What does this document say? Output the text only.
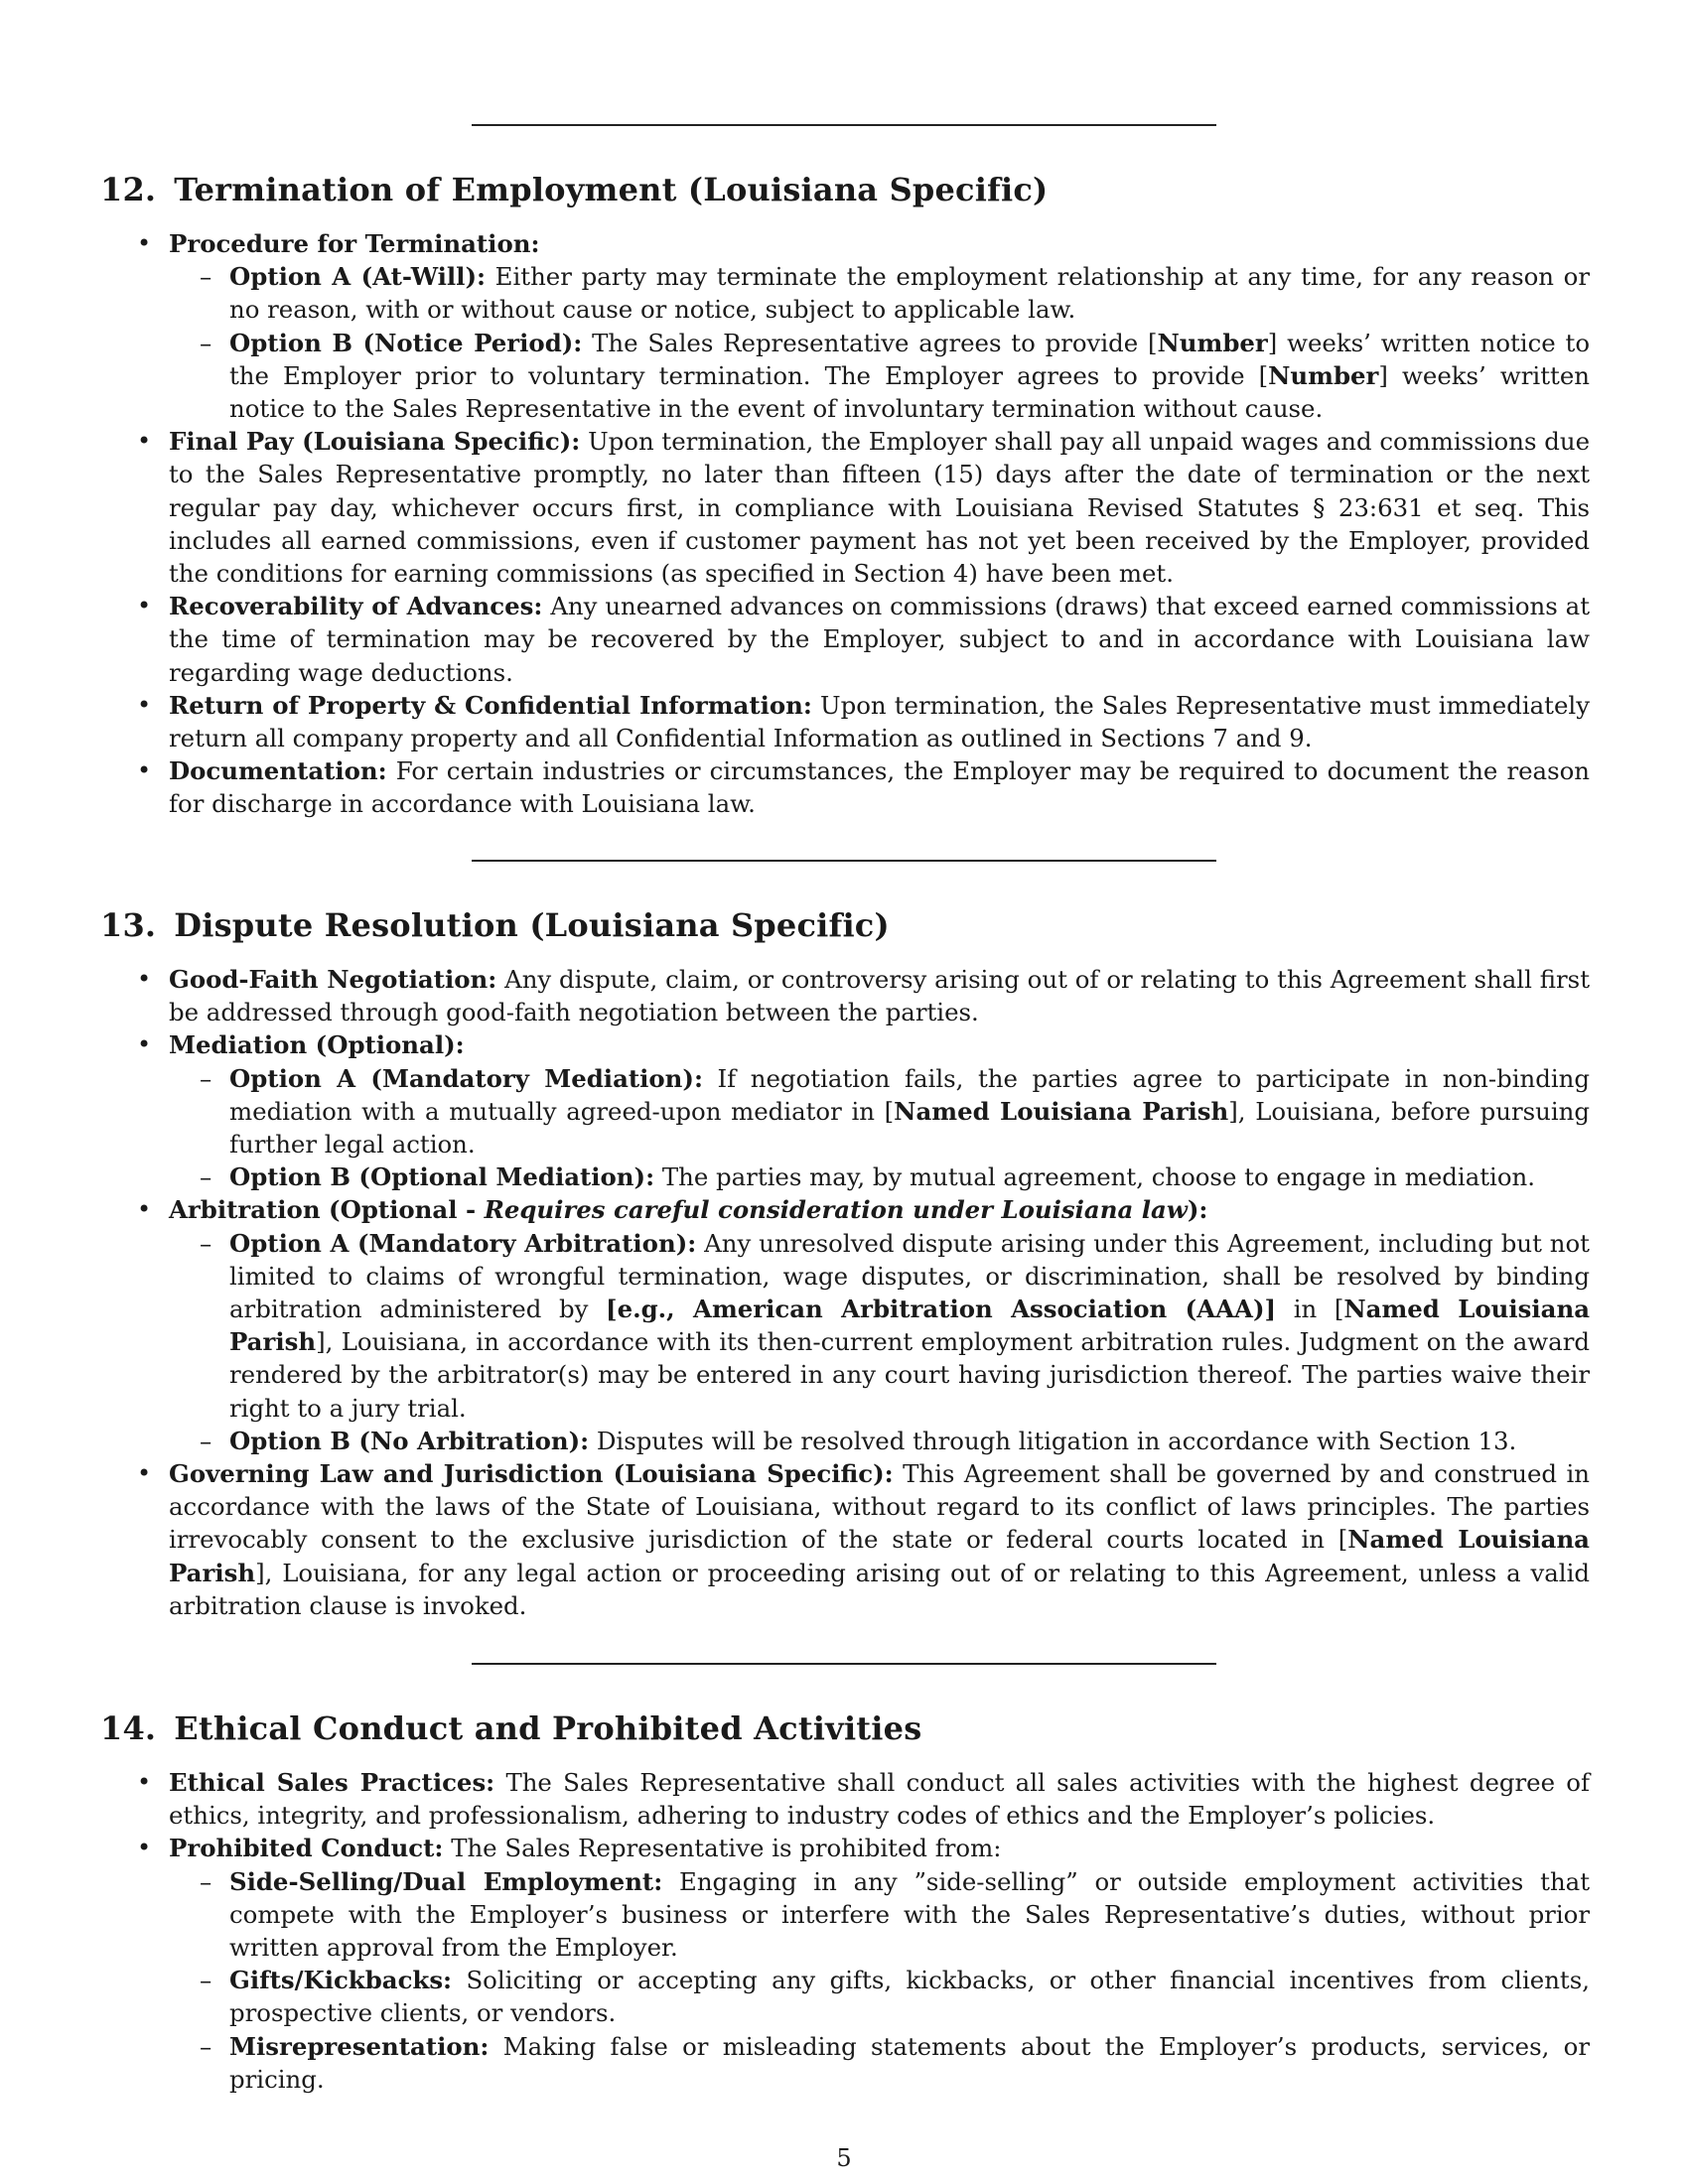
12. Termination of Employment (Louisiana Specific)
• Procedure for Termination:
– Option A (At-Will): Either party may terminate the employment relationship at any time, for any reason or no reason, with or without cause or notice, subject to applicable law.
– Option B (Notice Period): The Sales Representative agrees to provide [Number] weeks’ written notice to the Employer prior to voluntary termination. The Employer agrees to provide [Number] weeks’ written notice to the Sales Representative in the event of involuntary termination without cause.
• Final Pay (Louisiana Specific): Upon termination, the Employer shall pay all unpaid wages and commissions due to the Sales Representative promptly, no later than fifteen (15) days after the date of termination or the next regular pay day, whichever occurs first, in compliance with Louisiana Revised Statutes § 23:631 et seq. This includes all earned commissions, even if customer payment has not yet been received by the Employer, provided the conditions for earning commissions (as specified in Section 4) have been met.
• Recoverability of Advances: Any unearned advances on commissions (draws) that exceed earned commissions at the time of termination may be recovered by the Employer, subject to and in accordance with Louisiana law regarding wage deductions.
• Return of Property & Confidential Information: Upon termination, the Sales Representative must immediately return all company property and all Confidential Information as outlined in Sections 7 and 9.
• Documentation: For certain industries or circumstances, the Employer may be required to document the reason for discharge in accordance with Louisiana law.
13. Dispute Resolution (Louisiana Specific)
• Good-Faith Negotiation: Any dispute, claim, or controversy arising out of or relating to this Agreement shall first be addressed through good-faith negotiation between the parties.
• Mediation (Optional):
– Option A (Mandatory Mediation): If negotiation fails, the parties agree to participate in non-binding mediation with a mutually agreed-upon mediator in [Named Louisiana Parish], Louisiana, before pursuing further legal action.
– Option B (Optional Mediation): The parties may, by mutual agreement, choose to engage in mediation.
• Arbitration (Optional - Requires careful consideration under Louisiana law):
– Option A (Mandatory Arbitration): Any unresolved dispute arising under this Agreement, including but not limited to claims of wrongful termination, wage disputes, or discrimination, shall be resolved by binding arbitration administered by [e.g., American Arbitration Association (AAA)] in [Named Louisiana Parish], Louisiana, in accordance with its then-current employment arbitration rules. Judgment on the award rendered by the arbitrator(s) may be entered in any court having jurisdiction thereof. The parties waive their right to a jury trial.
– Option B (No Arbitration): Disputes will be resolved through litigation in accordance with Section 13.
• Governing Law and Jurisdiction (Louisiana Specific): This Agreement shall be governed by and construed in accordance with the laws of the State of Louisiana, without regard to its conflict of laws principles. The parties irrevocably consent to the exclusive jurisdiction of the state or federal courts located in [Named Louisiana Parish], Louisiana, for any legal action or proceeding arising out of or relating to this Agreement, unless a valid arbitration clause is invoked.
14. Ethical Conduct and Prohibited Activities
• Ethical Sales Practices: The Sales Representative shall conduct all sales activities with the highest degree of ethics, integrity, and professionalism, adhering to industry codes of ethics and the Employer’s policies.
• Prohibited Conduct: The Sales Representative is prohibited from:
– Side-Selling/Dual Employment: Engaging in any ”side-selling” or outside employment activities that compete with the Employer’s business or interfere with the Sales Representative’s duties, without prior written approval from the Employer.
– Gifts/Kickbacks: Soliciting or accepting any gifts, kickbacks, or other financial incentives from clients, prospective clients, or vendors.
– Misrepresentation: Making false or misleading statements about the Employer’s products, services, or pricing.
5
